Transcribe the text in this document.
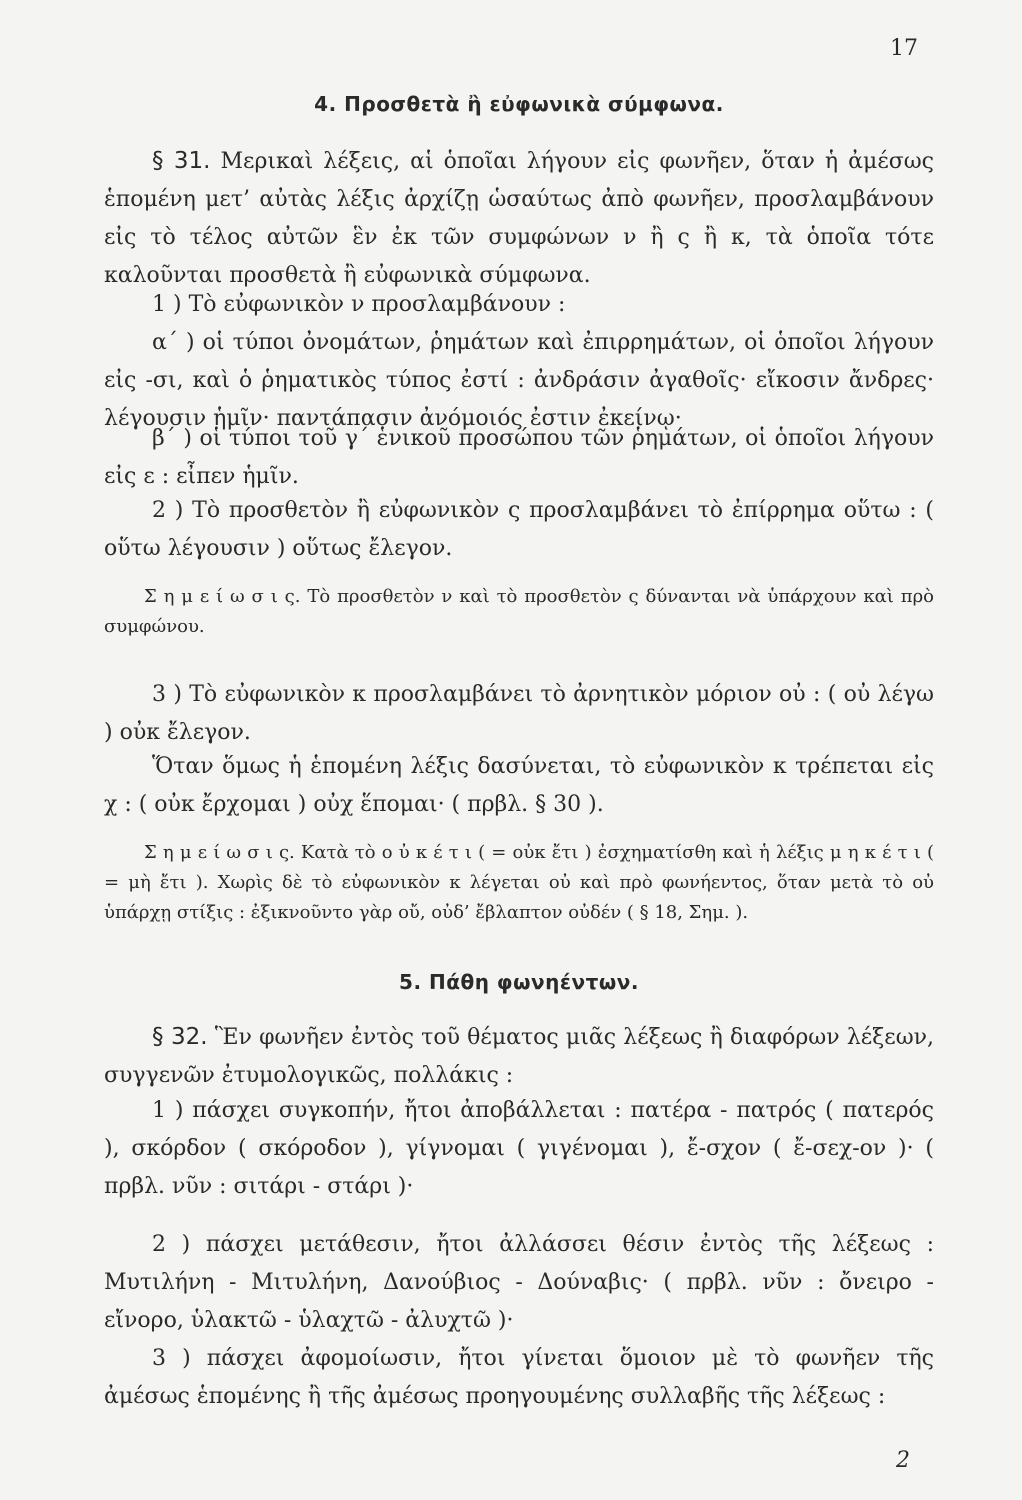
17
4. Προσθετὰ ἢ εὐφωνικὰ σύμφωνα.
§ 31. Μερικαὶ λέξεις, αἱ ὁποῖαι λήγουν εἰς φωνῆεν, ὅταν ἡ ἀμέσως ἑπομένη μετ’ αὐτὰς λέξις ἀρχίζῃ ὡσαύτως ἀπὸ φωνῆεν, προσλαμβάνουν εἰς τὸ τέλος αὐτῶν ἓν ἐκ τῶν συμφώνων ν ἢ ς ἢ κ, τὰ ὁποῖα τότε καλοῦνται προσθετὰ ἢ εὐφωνικὰ σύμφωνα.
1 ) Τὸ εὐφωνικὸν ν προσλαμβάνουν :
α΄ ) οἱ τύποι ὀνομάτων, ῥημάτων καὶ ἐπιρρημάτων, οἱ ὁποῖοι λήγουν εἰς -σι, καὶ ὁ ῥηματικὸς τύπος ἐστί : ἀνδράσιν ἀγαθοῖς· εἴκοσιν ἄνδρες· λέγουσιν ἡμῖν· παντάπασιν ἀνόμοιός ἐστιν ἐκείνῳ·
β΄ ) οἱ τύποι τοῦ γ΄ ἑνικοῦ προσώπου τῶν ῥημάτων, οἱ ὁποῖοι λήγουν εἰς ε : εἶπεν ἡμῖν.
2 ) Τὸ προσθετὸν ἢ εὐφωνικὸν ς προσλαμβάνει τὸ ἐπίρρημα οὕτω : ( οὕτω λέγουσιν ) οὕτως ἔλεγον.
Σ η μ ε ί ω σ ι ς. Τὸ προσθετὸν ν καὶ τὸ προσθετὸν ς δύνανται νὰ ὑπάρχουν καὶ πρὸ συμφώνου.
3 ) Τὸ εὐφωνικὸν κ προσλαμβάνει τὸ ἀρνητικὸν μόριον οὐ : ( οὐ λέγω ) οὐκ ἔλεγον.
Ὅταν ὅμως ἡ ἑπομένη λέξις δασύνεται, τὸ εὐφωνικὸν κ τρέπεται εἰς χ : ( οὐκ ἔρχομαι ) οὐχ ἕπομαι· ( πρβλ. § 30 ).
Σ η μ ε ί ω σ ι ς. Κατὰ τὸ ο ὐ κ έ τ ι ( = οὐκ ἔτι ) ἐσχηματίσθη καὶ ἡ λέξις μ η κ έ τ ι ( = μὴ ἔτι ). Χωρὶς δὲ τὸ εὐφωνικὸν κ λέγεται οὐ καὶ πρὸ φωνήεντος, ὅταν μετὰ τὸ οὐ ὑπάρχῃ στίξις : ἐξικνοῦντο γὰρ οὔ, οὐδ’ ἔβλαπτον οὐδέν ( § 18, Σημ. ).
5. Πάθη φωνηέντων.
§ 32. Ἓν φωνῆεν ἐντὸς τοῦ θέματος μιᾶς λέξεως ἢ διαφόρων λέξεων, συγγενῶν ἐτυμολογικῶς, πολλάκις :
1 ) πάσχει συγκοπήν, ἤτοι ἀποβάλλεται : πατέρα - πατρός ( πατερός ), σκόρδον ( σκόροδον ), γίγνομαι ( γιγένομαι ), ἔ-σχον ( ἔ-σεχ-ον )· ( πρβλ. νῦν : σιτάρι - στάρι )·
2 ) πάσχει μετάθεσιν, ἤτοι ἀλλάσσει θέσιν ἐντὸς τῆς λέξεως : Μυτιλήνη - Μιτυλήνη, Δανούβιος - Δούναβις· ( πρβλ. νῦν : ὄνειρο - εἴνορο, ὑλακτῶ - ὑλαχτῶ - ἀλυχτῶ )·
3 ) πάσχει ἀφομοίωσιν, ἤτοι γίνεται ὅμοιον μὲ τὸ φωνῆεν τῆς ἀμέσως ἑπομένης ἢ τῆς ἀμέσως προηγουμένης συλλαβῆς τῆς λέξεως :
2
